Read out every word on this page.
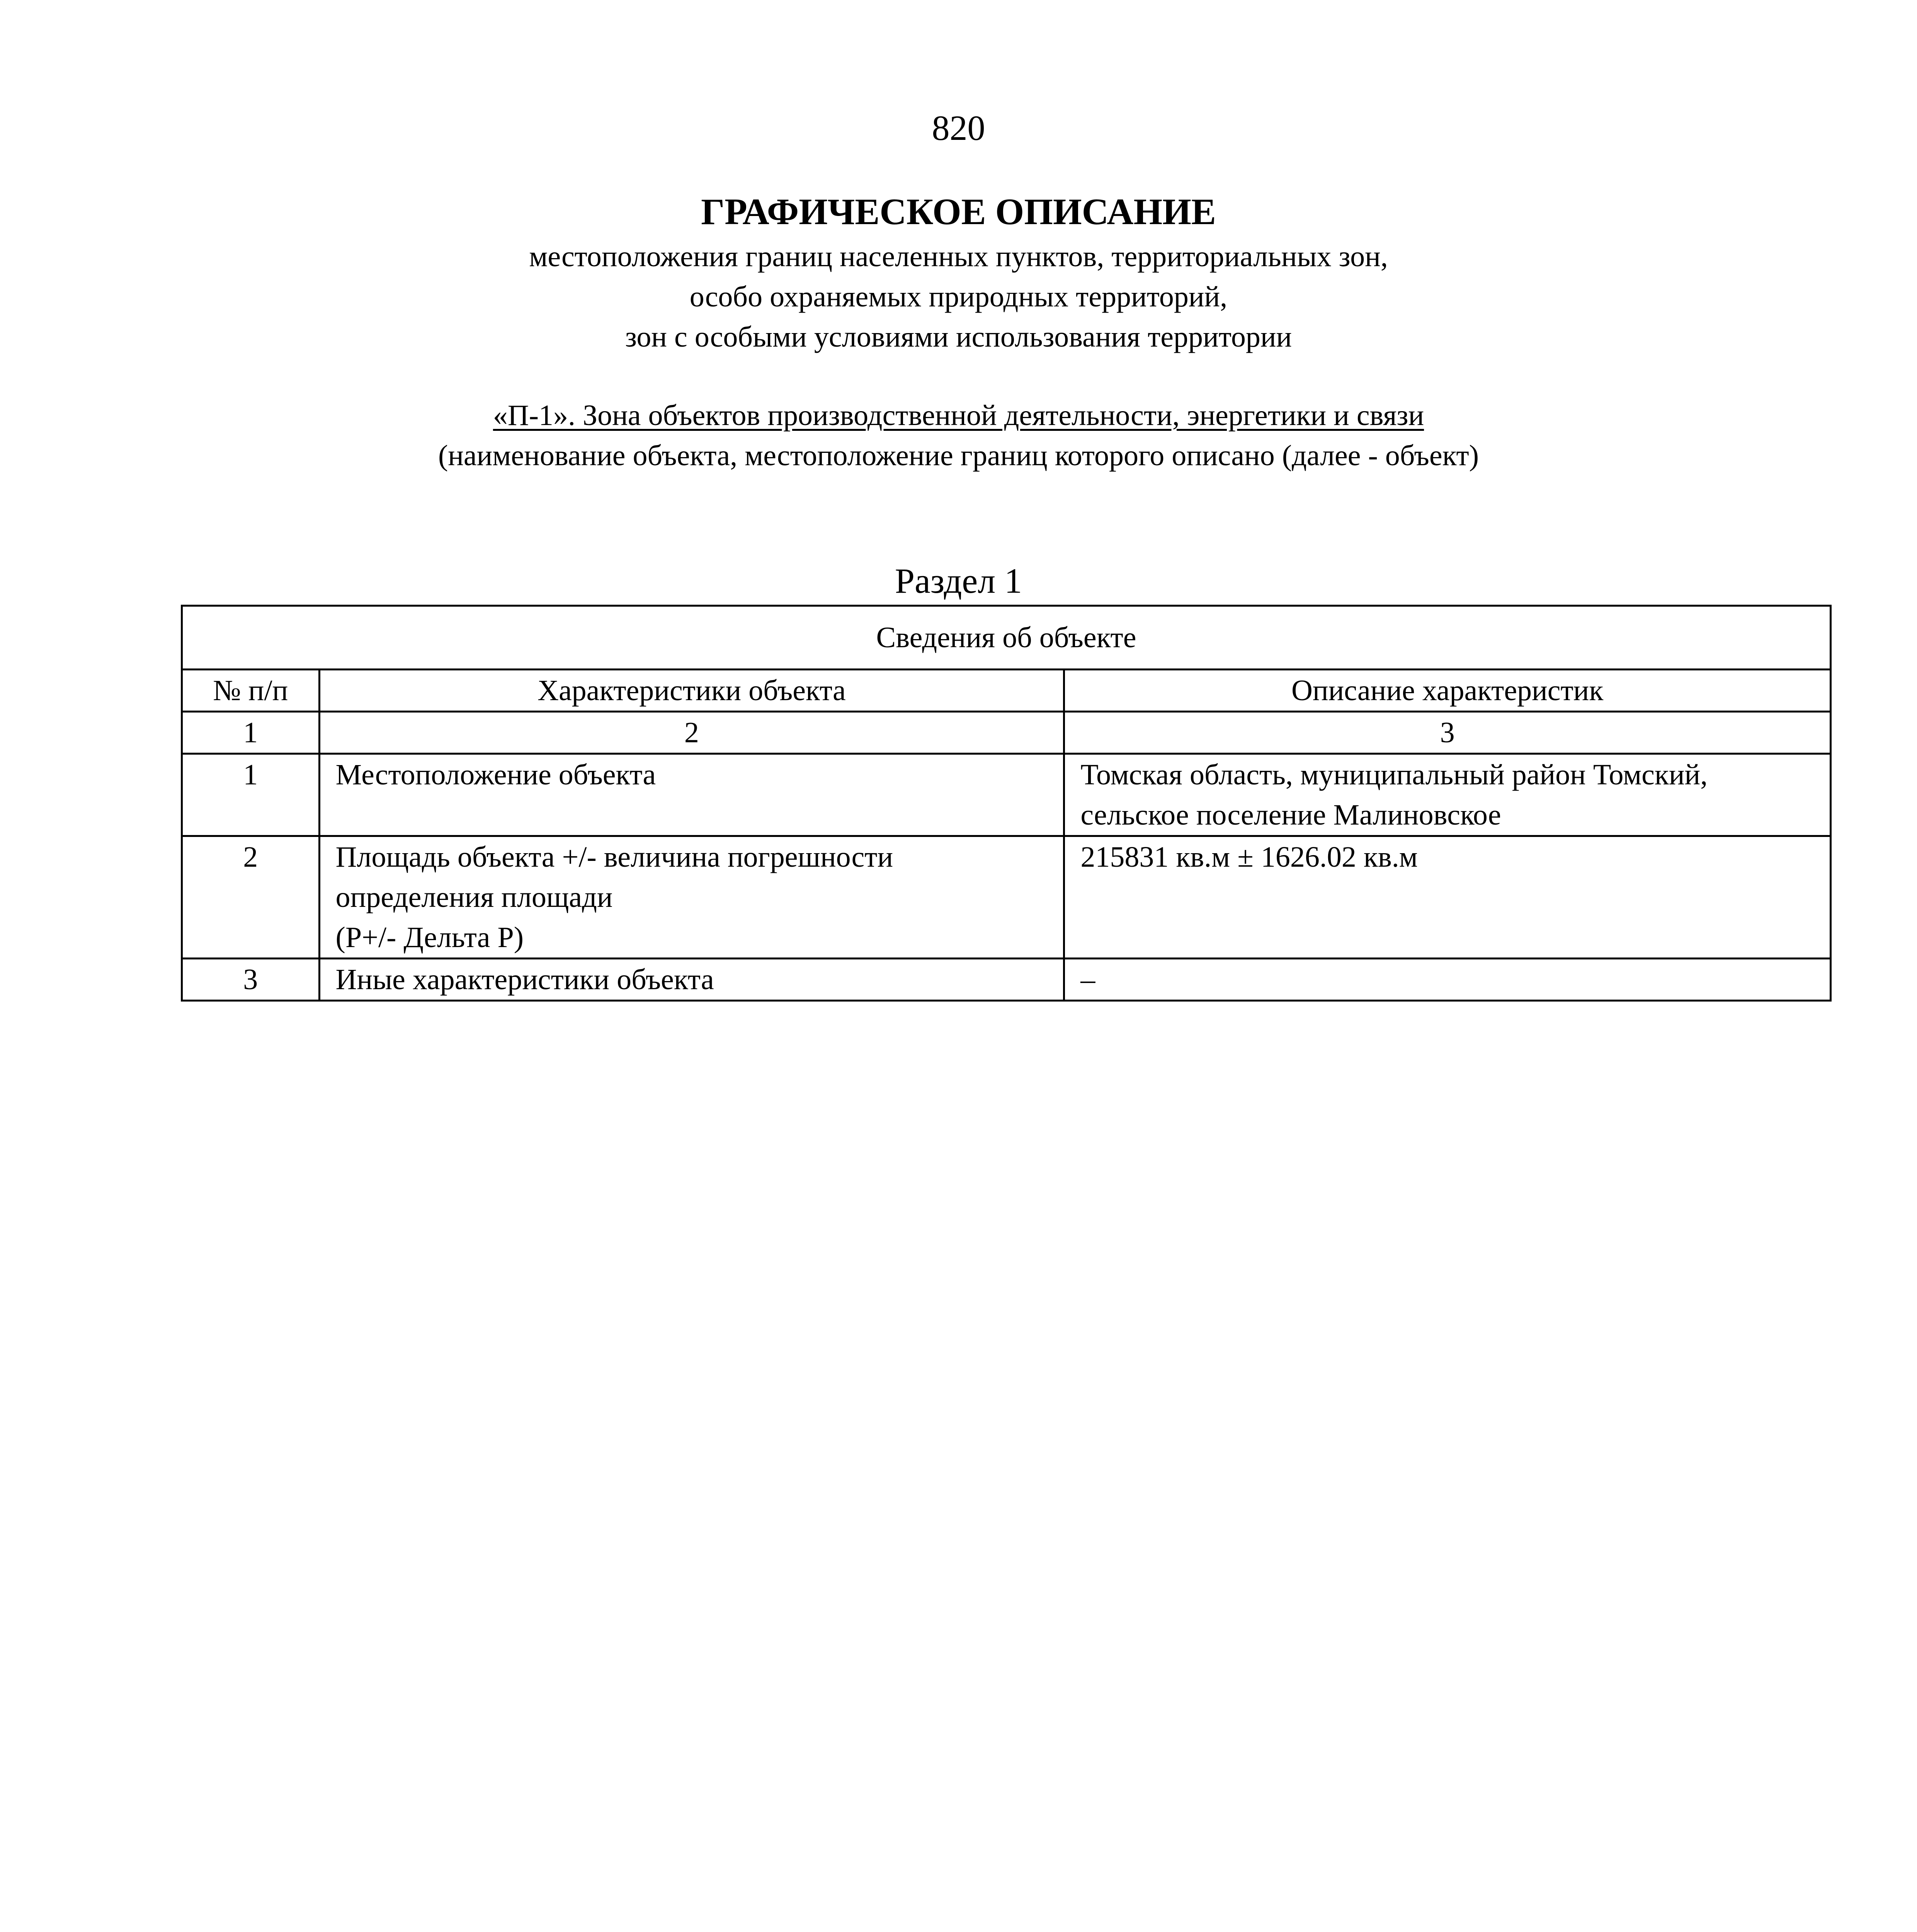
820
ГРАФИЧЕСКОЕ ОПИСАНИЕ
местоположения границ населенных пунктов, территориальных зон,
особо охраняемых природных территорий,
зон с особыми условиями использования территории
«П-1». Зона объектов производственной деятельности, энергетики и связи
(наименование объекта, местоположение границ которого описано (далее - объект)
Раздел 1
Сведения об объекте		
№ п/п	Характеристики объекта	Описание характеристик
1	2	3
1	Местоположение объекта	Томская область, муниципальный район Томский,
сельское поселение Малиновское

2	Площадь объекта +/- величина погрешности
определения площади
(P+/- Дельта P)	215831 кв.м ± 1626.02 кв.м

3	Иные характеристики объекта	–
